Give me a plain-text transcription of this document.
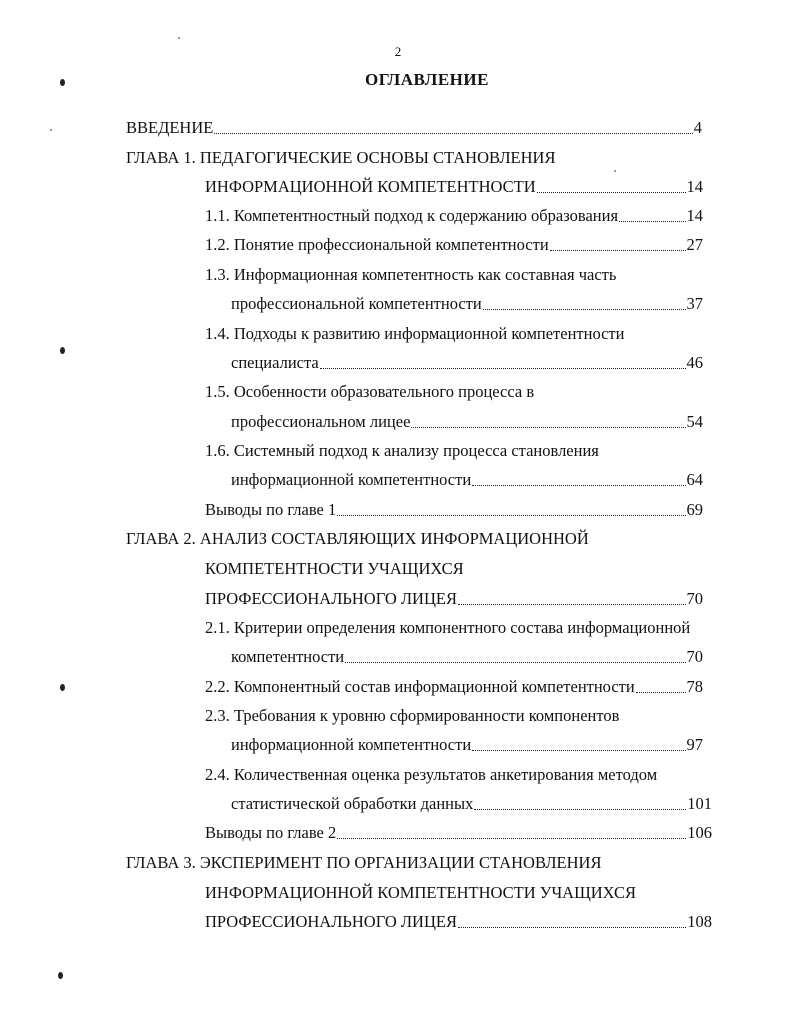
2
ОГЛАВЛЕНИЕ
ВВЕДЕНИЕ	4
ГЛАВА 1. ПЕДАГОГИЧЕСКИЕ ОСНОВЫ СТАНОВЛЕНИЯ
ИНФОРМАЦИОННОЙ КОМПЕТЕНТНОСТИ	14
1.1. Компетентностный подход к содержанию образования	14
1.2. Понятие профессиональной компетентности	27
1.3. Информационная компетентность как составная часть
профессиональной компетентности	37
1.4. Подходы к развитию информационной компетентности
специалиста	46
1.5. Особенности образовательного процесса в
профессиональном лицее	54
1.6. Системный подход к анализу процесса становления
информационной компетентности	64
Выводы по главе 1	69
ГЛАВА 2. АНАЛИЗ СОСТАВЛЯЮЩИХ ИНФОРМАЦИОННОЙ
КОМПЕТЕНТНОСТИ УЧАЩИХСЯ
ПРОФЕССИОНАЛЬНОГО ЛИЦЕЯ	70
2.1. Критерии определения компонентного состава информационной
компетентности	70
2.2. Компонентный состав информационной компетентности	78
2.3. Требования к уровню сформированности компонентов
информационной компетентности	97
2.4. Количественная оценка результатов анкетирования методом
статистической обработки данных	101
Выводы по главе 2	106
ГЛАВА 3. ЭКСПЕРИМЕНТ ПО ОРГАНИЗАЦИИ СТАНОВЛЕНИЯ
ИНФОРМАЦИОННОЙ КОМПЕТЕНТНОСТИ УЧАЩИХСЯ
ПРОФЕССИОНАЛЬНОГО ЛИЦЕЯ	108
